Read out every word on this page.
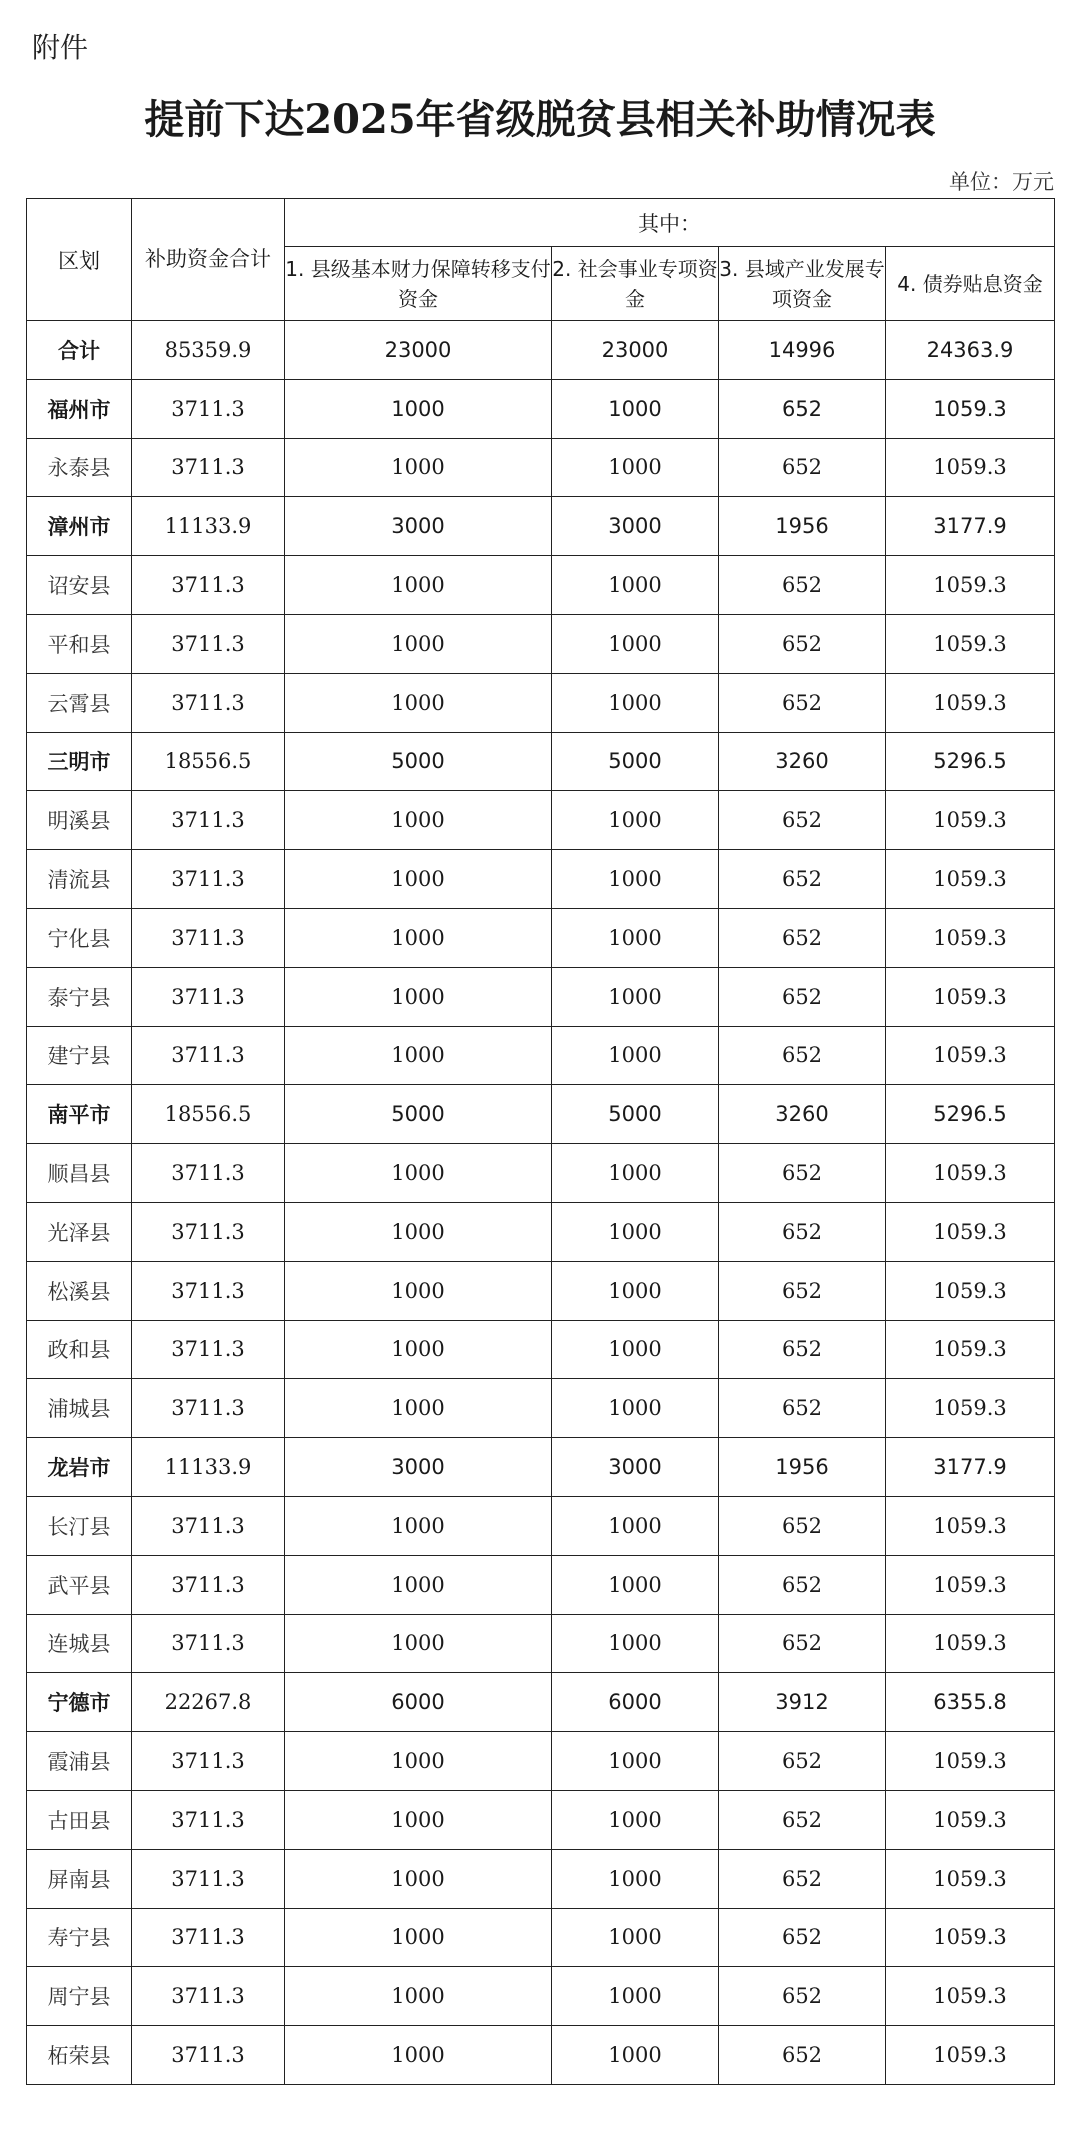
附件
提前下达2025年省级脱贫县相关补助情况表
单位：万元
区划	补助资金合计	其中：			
		1. 县级基本财力保障转移支付资金	2. 社会事业专项资金	3. 县域产业发展专项资金	4. 债券贴息资金
合计	85359.9	23000	23000	14996	24363.9
福州市	3711.3	1000	1000	652	1059.3
永泰县	3711.3	1000	1000	652	1059.3
漳州市	11133.9	3000	3000	1956	3177.9
诏安县	3711.3	1000	1000	652	1059.3
平和县	3711.3	1000	1000	652	1059.3
云霄县	3711.3	1000	1000	652	1059.3
三明市	18556.5	5000	5000	3260	5296.5
明溪县	3711.3	1000	1000	652	1059.3
清流县	3711.3	1000	1000	652	1059.3
宁化县	3711.3	1000	1000	652	1059.3
泰宁县	3711.3	1000	1000	652	1059.3
建宁县	3711.3	1000	1000	652	1059.3
南平市	18556.5	5000	5000	3260	5296.5
顺昌县	3711.3	1000	1000	652	1059.3
光泽县	3711.3	1000	1000	652	1059.3
松溪县	3711.3	1000	1000	652	1059.3
政和县	3711.3	1000	1000	652	1059.3
浦城县	3711.3	1000	1000	652	1059.3
龙岩市	11133.9	3000	3000	1956	3177.9
长汀县	3711.3	1000	1000	652	1059.3
武平县	3711.3	1000	1000	652	1059.3
连城县	3711.3	1000	1000	652	1059.3
宁德市	22267.8	6000	6000	3912	6355.8
霞浦县	3711.3	1000	1000	652	1059.3
古田县	3711.3	1000	1000	652	1059.3
屏南县	3711.3	1000	1000	652	1059.3
寿宁县	3711.3	1000	1000	652	1059.3
周宁县	3711.3	1000	1000	652	1059.3
柘荣县	3711.3	1000	1000	652	1059.3
